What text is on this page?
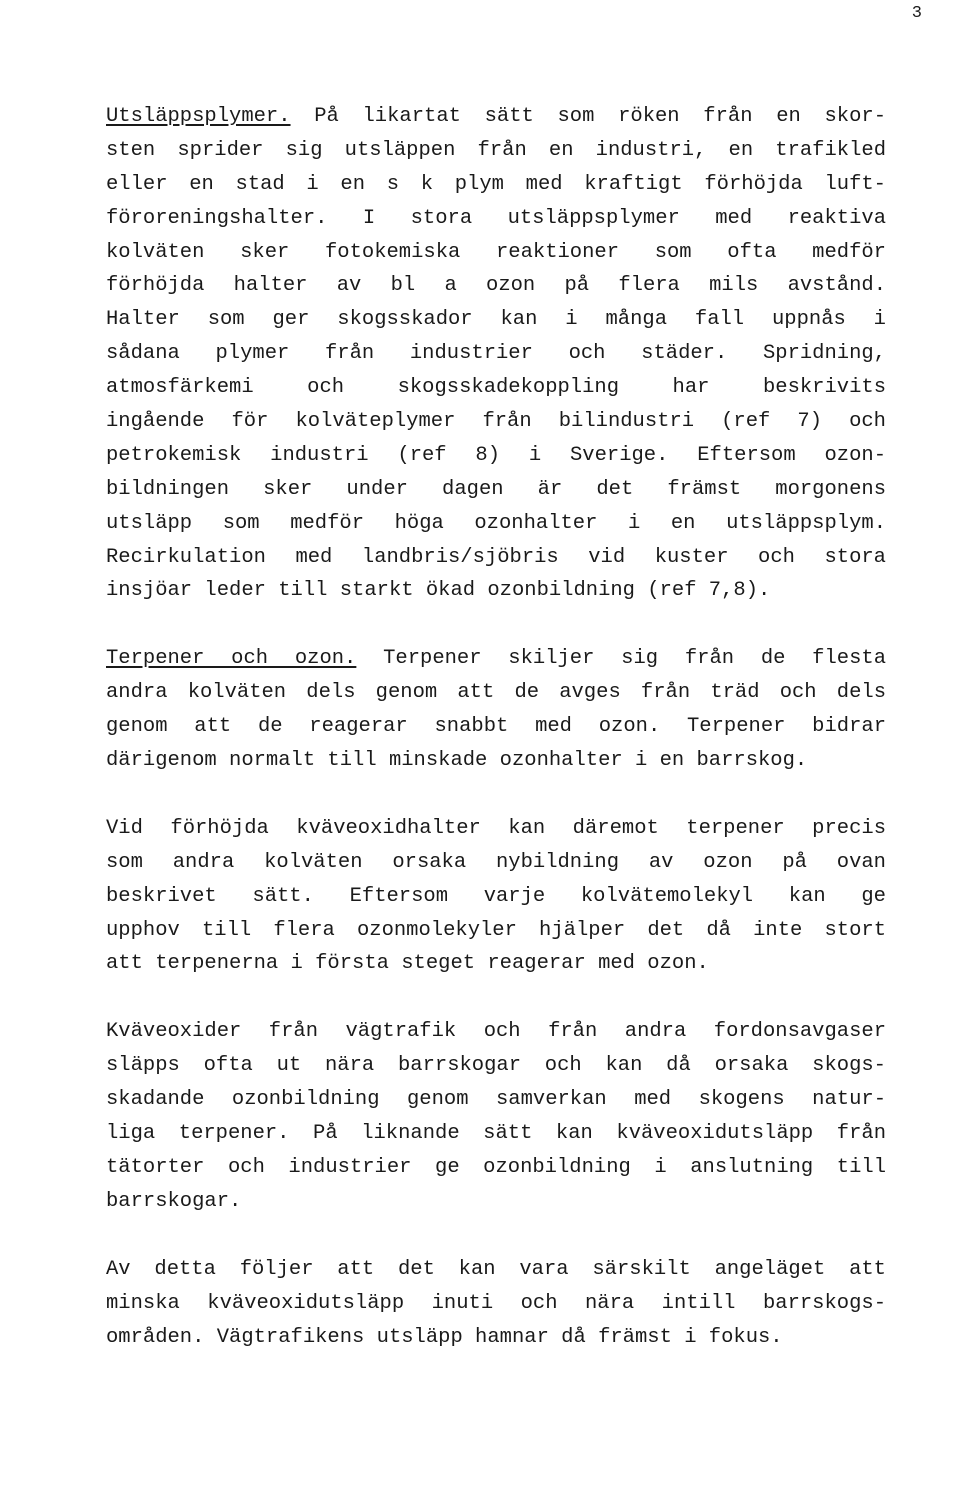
3
Utsläppsplymer. På likartat sätt som röken från en skor-
sten sprider sig utsläppen från en industri, en trafikled
eller en stad i en s k plym med kraftigt förhöjda luft-
föroreningshalter. I stora utsläppsplymer med reaktiva
kolväten sker fotokemiska reaktioner som ofta medför
förhöjda halter av bl a ozon på flera mils avstånd.
Halter som ger skogsskador kan i många fall uppnås i
sådana plymer från industrier och städer. Spridning,
atmosfärkemi och skogsskadekoppling har beskrivits
ingående för kolväteplymer från bilindustri (ref 7) och
petrokemisk industri (ref 8) i Sverige. Eftersom ozon-
bildningen sker under dagen är det främst morgonens
utsläpp som medför höga ozonhalter i en utsläppsplym.
Recirkulation med landbris/sjöbris vid kuster och stora
insjöar leder till starkt ökad ozonbildning (ref 7,8).
Terpener och ozon. Terpener skiljer sig från de flesta
andra kolväten dels genom att de avges från träd och dels
genom att de reagerar snabbt med ozon. Terpener bidrar
därigenom normalt till minskade ozonhalter i en barrskog.
Vid förhöjda kväveoxidhalter kan däremot terpener precis
som andra kolväten orsaka nybildning av ozon på ovan
beskrivet sätt. Eftersom varje kolvätemolekyl kan ge
upphov till flera ozonmolekyler hjälper det då inte stort
att terpenerna i första steget reagerar med ozon.
Kväveoxider från vägtrafik och från andra fordonsavgaser
släpps ofta ut nära barrskogar och kan då orsaka skogs-
skadande ozonbildning genom samverkan med skogens natur-
liga terpener. På liknande sätt kan kväveoxidutsläpp från
tätorter och industrier ge ozonbildning i anslutning till
barrskogar.
Av detta följer att det kan vara särskilt angeläget att
minska kväveoxidutsläpp inuti och nära intill barrskogs-
områden. Vägtrafikens utsläpp hamnar då främst i fokus.
